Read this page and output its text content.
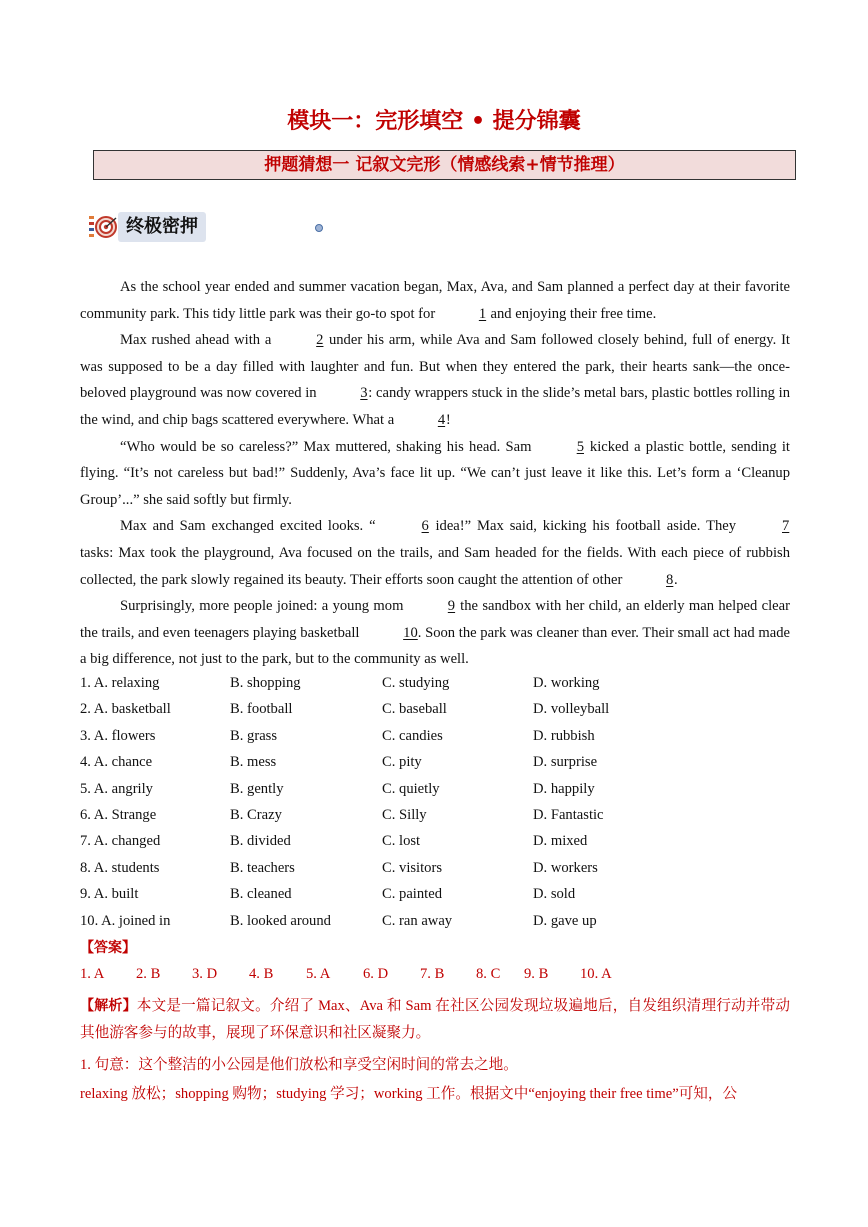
模块一：完形填空 • 提分锦囊
押题猜想一 记叙文完形（情感线索+情节推理）
终极密押

As the school year ended and summer vacation began, Max, Ava, and Sam planned a perfect day at their favorite community park. This tidy little park was their go-to spot for	1 and enjoying their free time.

Max rushed ahead with a	2 under his arm, while Ava and Sam followed closely behind, full of energy. It was supposed to be a day filled with laughter and fun. But when they entered the park, their hearts sank—the once-beloved playground was now covered in	3: candy wrappers stuck in the slide’s metal bars, plastic bottles rolling in the wind, and chip bags scattered everywhere. What a	4!

“Who would be so careless?” Max muttered, shaking his head. Sam	5 kicked a plastic bottle, sending it flying. “It’s not careless but bad!” Suddenly, Ava’s face lit up. “We can’t just leave it like this. Let’s form a ‘Cleanup Group’...” she said softly but firmly.

Max and Sam exchanged excited looks. “	6 idea!” Max said, kicking his football aside. They	7 tasks: Max took the playground, Ava focused on the trails, and Sam headed for the fields. With each piece of rubbish collected, the park slowly regained its beauty. Their efforts soon caught the attention of other	8.

Surprisingly, more people joined: a young mom	9 the sandbox with her child, an elderly man helped clear the trails, and even teenagers playing basketball	10. Soon the park was cleaner than ever. Their small act had made a big difference, not just to the park, but to the community as well.

1. A. relaxing	B. shopping	C. studying	D. working
2. A. basketball	B. football	C. baseball	D. volleyball
3. A. flowers	B. grass	C. candies	D. rubbish
4. A. chance	B. mess	C. pity	D. surprise
5. A. angrily	B. gently	C. quietly	D. happily
6. A. Strange	B. Crazy	C. Silly	D. Fantastic
7. A. changed	B. divided	C. lost	D. mixed
8. A. students	B. teachers	C. visitors	D. workers
9. A. built	B. cleaned	C. painted	D. sold
10. A. joined in	B. looked around	C. ran away	D. gave up
【答案】
1. A 2. B 3. D 4. B 5. A 6. D 7. B 8. C 9. B 10. A
【解析】本文是一篇记叙文。介绍了 Max、Ava 和 Sam 在社区公园发现垃圾遍地后，自发组织清理行动并带动其他游客参与的故事，展现了环保意识和社区凝聚力。
1. 句意：这个整洁的小公园是他们放松和享受空闲时间的常去之地。
relaxing 放松；shopping 购物；studying 学习；working 工作。根据文中“enjoying their free time”可知，公
